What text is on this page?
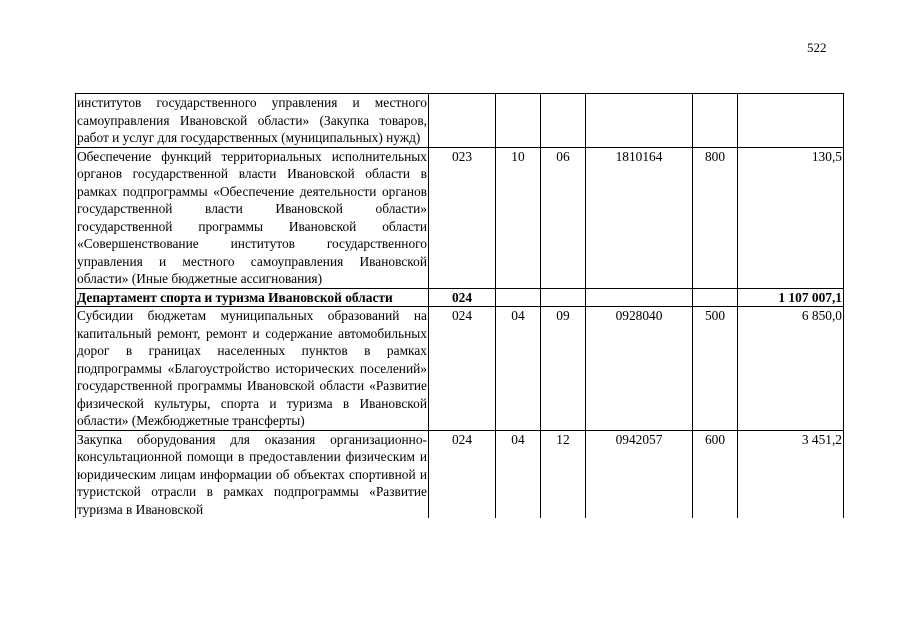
522
институтов государственного управления и местного самоуправления Ивановской области» (Закупка товаров, работ и услуг для государственных (муниципальных) нужд)						
Обеспечение функций территориальных исполнительных органов государственной власти Ивановской области в рамках подпрограммы «Обеспечение деятельности органов государственной власти Ивановской области» государственной программы Ивановской области «Совершенствование институтов государственного управления и местного самоуправления Ивановской области» (Иные бюджетные ассигнования)	023	10	06	1810164	800	130,5
Департамент спорта и туризма Ивановской области	024					1 107 007,1
Субсидии бюджетам муниципальных образований на капитальный ремонт, ремонт и содержание автомобильных дорог в границах населенных пунктов в рамках подпрограммы «Благоустройство исторических поселений» государственной программы Ивановской области «Развитие физической культуры, спорта и туризма в Ивановской области» (Межбюджетные трансферты)	024	04	09	0928040	500	6 850,0
Закупка оборудования для оказания организационно-консультационной помощи в предоставлении физическим и юридическим лицам информации об объектах спортивной и туристской отрасли в рамках подпрограммы «Развитие туризма в Ивановской	024	04	12	0942057	600	3 451,2
